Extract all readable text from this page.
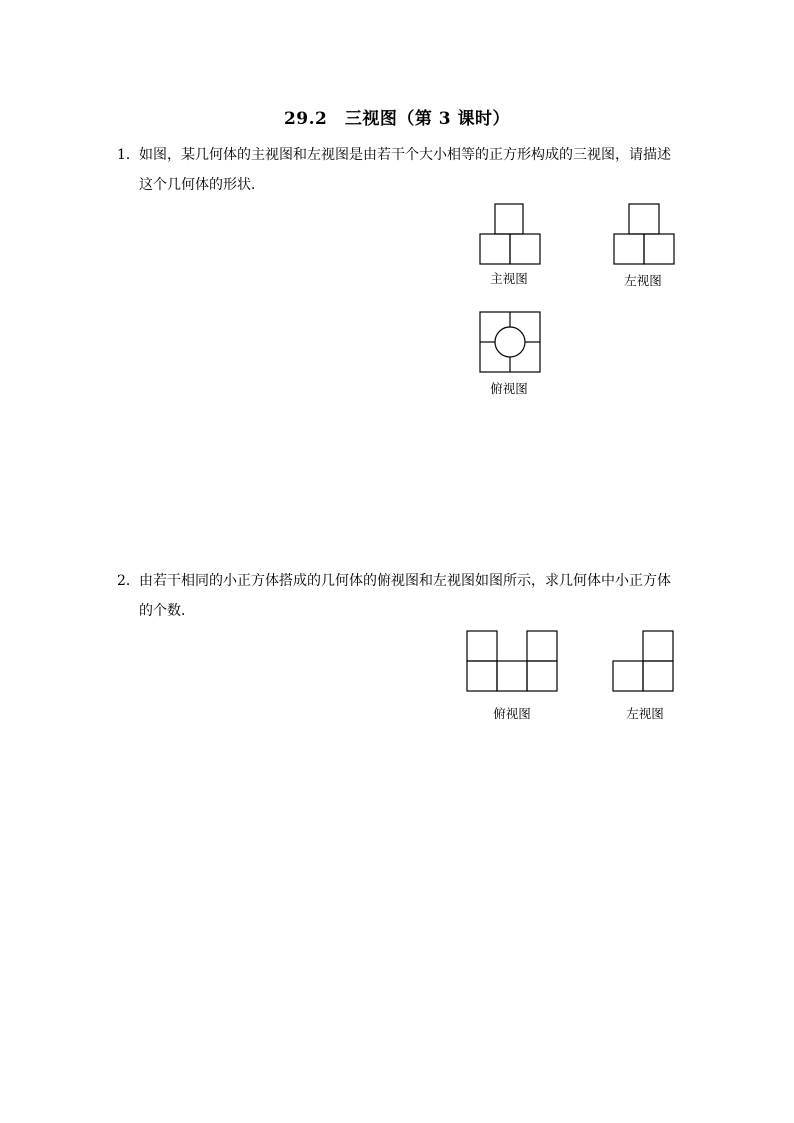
29.2　三视图（第 3 课时）
1．如图，某几何体的主视图和左视图是由若干个大小相等的正方形构成的三视图，请描述
这个几何体的形状．
主视图	左视图
俯视图
2．由若干相同的小正方体搭成的几何体的俯视图和左视图如图所示，求几何体中小正方体
的个数．
俯视图	左视图
